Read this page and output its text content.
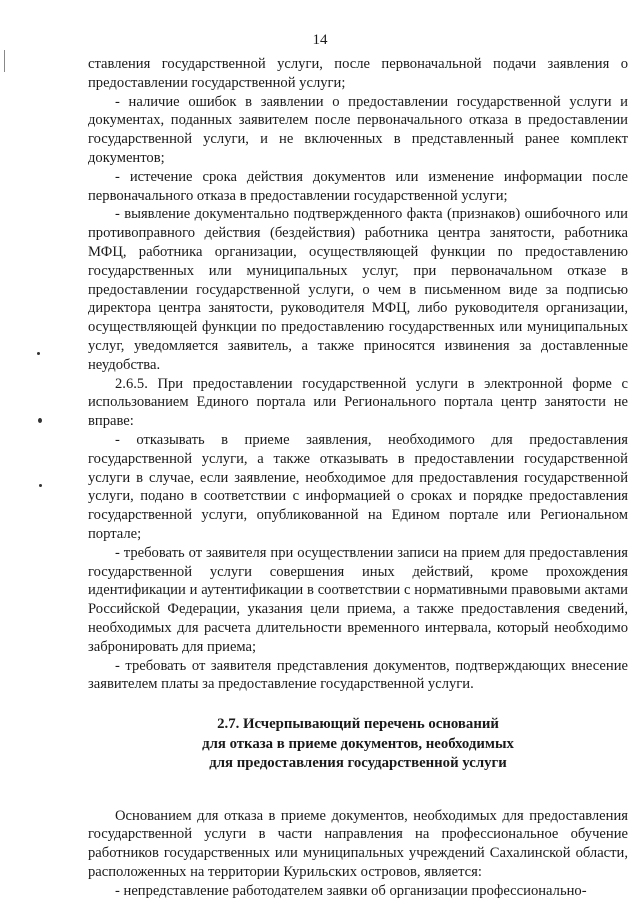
14

ставления государственной услуги, после первоначальной подачи заявления о предоставлении государственной услуги;

- наличие ошибок в заявлении о предоставлении государственной услуги и документах, поданных заявителем после первоначального отказа в предоставлении государственной услуги, и не включенных в представленный ранее комплект документов;

- истечение срока действия документов или изменение информации после первоначального отказа в предоставлении государственной услуги;

- выявление документально подтвержденного факта (признаков) ошибочного или противоправного действия (бездействия) работника центра занятости, работника МФЦ, работника организации, осуществляющей функции по предоставлению государственных или муниципальных услуг, при первоначальном отказе в предоставлении государственной услуги, о чем в письменном виде за подписью директора центра занятости, руководителя МФЦ, либо руководителя организации, осуществляющей функции по предоставлению государственных или муниципальных услуг, уведомляется заявитель, а также приносятся извинения за доставленные неудобства.

2.6.5. При предоставлении государственной услуги в электронной форме с использованием Единого портала или Регионального портала центр занятости не вправе:

- отказывать в приеме заявления, необходимого для предоставления государственной услуги, а также отказывать в предоставлении государственной услуги в случае, если заявление, необходимое для предоставления государственной услуги, подано в соответствии с информацией о сроках и порядке предоставления государственной услуги, опубликованной на Едином портале или Региональном портале;

- требовать от заявителя при осуществлении записи на прием для предоставления государственной услуги совершения иных действий, кроме прохождения идентификации и аутентификации в соответствии с нормативными правовыми актами Российской Федерации, указания цели приема, а также предоставления сведений, необходимых для расчета длительности временного интервала, который необходимо забронировать для приема;

- требовать от заявителя представления документов, подтверждающих внесение заявителем платы за предоставление государственной услуги.

2.7. Исчерпывающий перечень оснований
для отказа в приеме документов, необходимых
для предоставления государственной услуги

Основанием для отказа в приеме документов, необходимых для предоставления государственной услуги в части направления на профессиональное обучение работников государственных или муниципальных учреждений Сахалинской области, расположенных на территории Курильских островов, является:

- непредставление работодателем заявки об организации профессионально-
